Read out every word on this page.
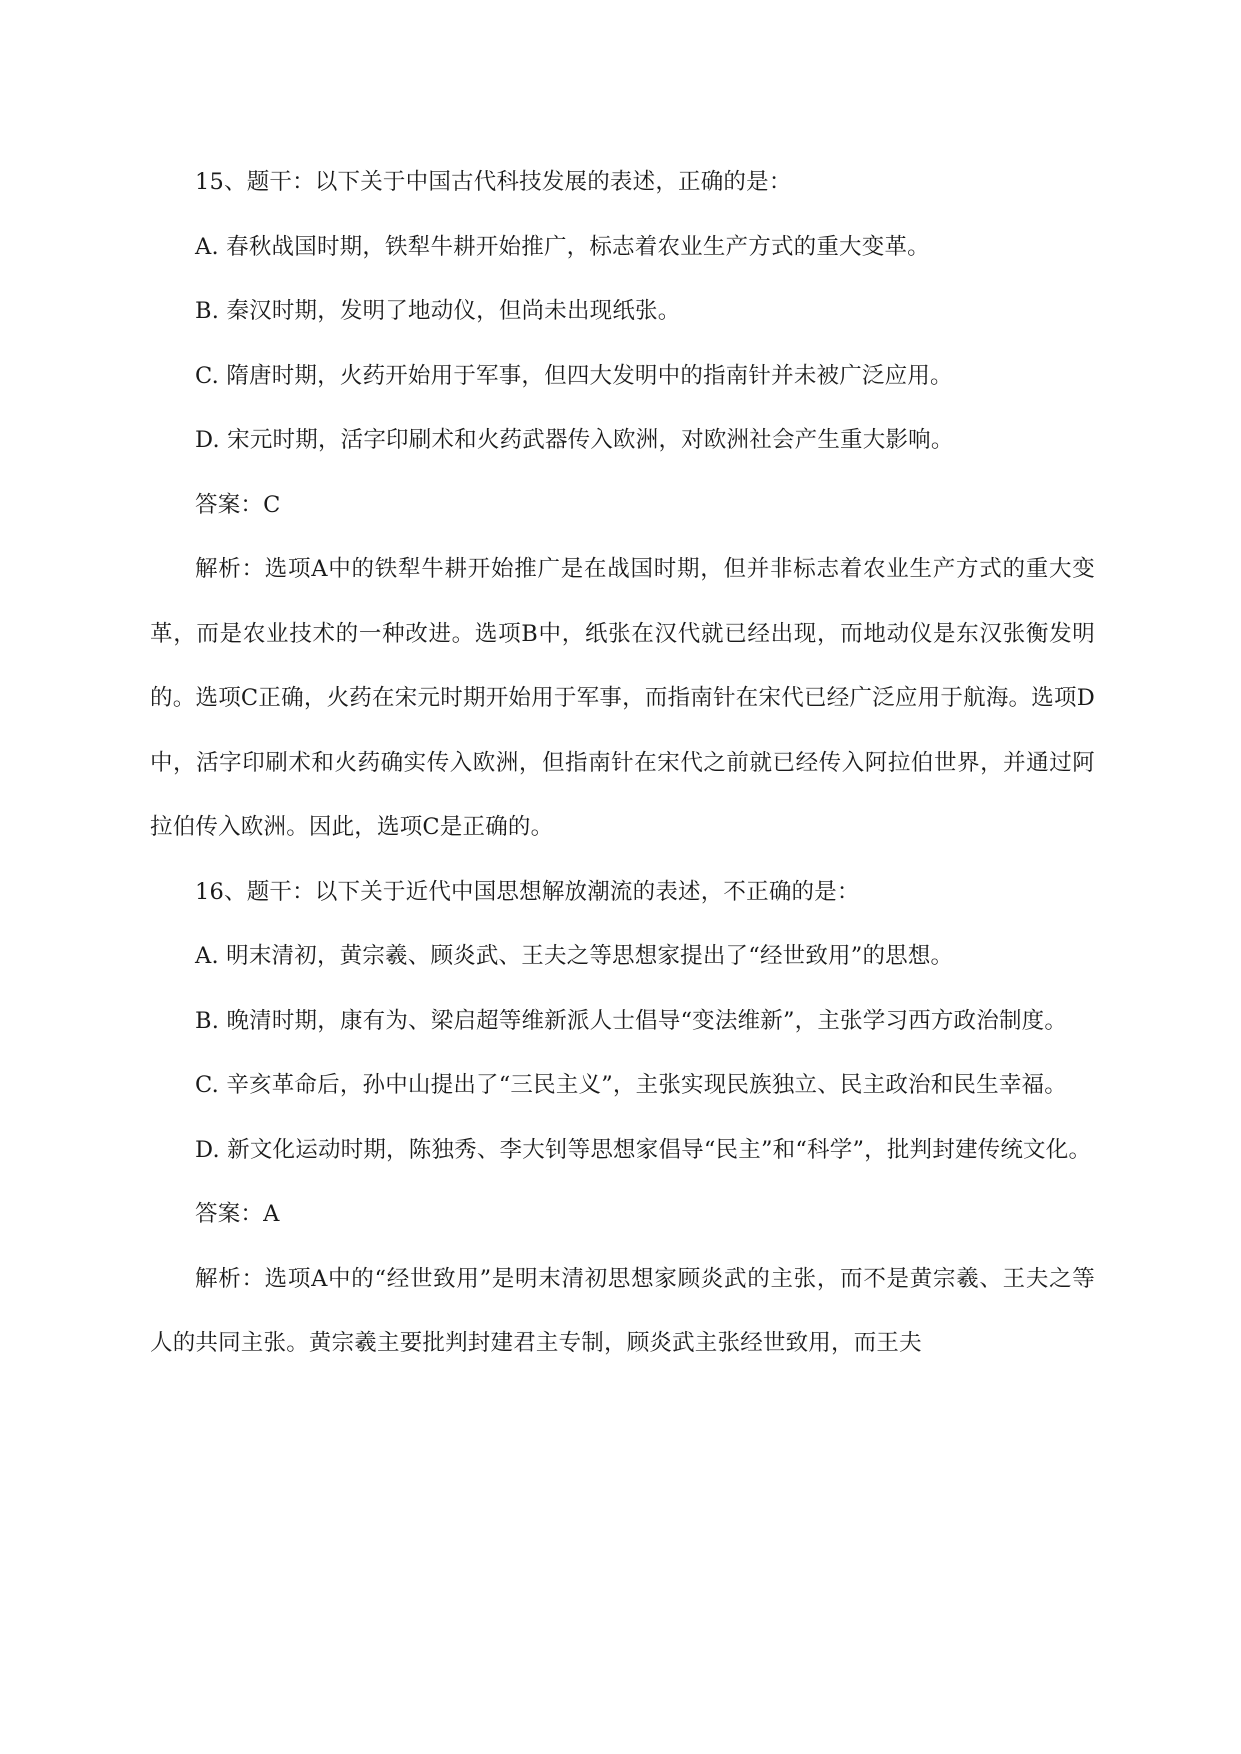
15、题干：以下关于中国古代科技发展的表述，正确的是：

A. 春秋战国时期，铁犁牛耕开始推广，标志着农业生产方式的重大变革。

B. 秦汉时期，发明了地动仪，但尚未出现纸张。

C. 隋唐时期，火药开始用于军事，但四大发明中的指南针并未被广泛应用。

D. 宋元时期，活字印刷术和火药武器传入欧洲，对欧洲社会产生重大影响。

答案：C

解析：选项A中的铁犁牛耕开始推广是在战国时期，但并非标志着农业生产方式的重大变革，而是农业技术的一种改进。选项B中，纸张在汉代就已经出现，而地动仪是东汉张衡发明的。选项C正确，火药在宋元时期开始用于军事，而指南针在宋代已经广泛应用于航海。选项D中，活字印刷术和火药确实传入欧洲，但指南针在宋代之前就已经传入阿拉伯世界，并通过阿拉伯传入欧洲。因此，选项C是正确的。

16、题干：以下关于近代中国思想解放潮流的表述，不正确的是：

A. 明末清初，黄宗羲、顾炎武、王夫之等思想家提出了“经世致用”的思想。

B. 晚清时期，康有为、梁启超等维新派人士倡导“变法维新”，主张学习西方政治制度。

C. 辛亥革命后，孙中山提出了“三民主义”，主张实现民族独立、民主政治和民生幸福。

D. 新文化运动时期，陈独秀、李大钊等思想家倡导“民主”和“科学”，批判封建传统文化。

答案：A

解析：选项A中的“经世致用”是明末清初思想家顾炎武的主张，而不是黄宗羲、王夫之等人的共同主张。黄宗羲主要批判封建君主专制，顾炎武主张经世致用，而王夫
